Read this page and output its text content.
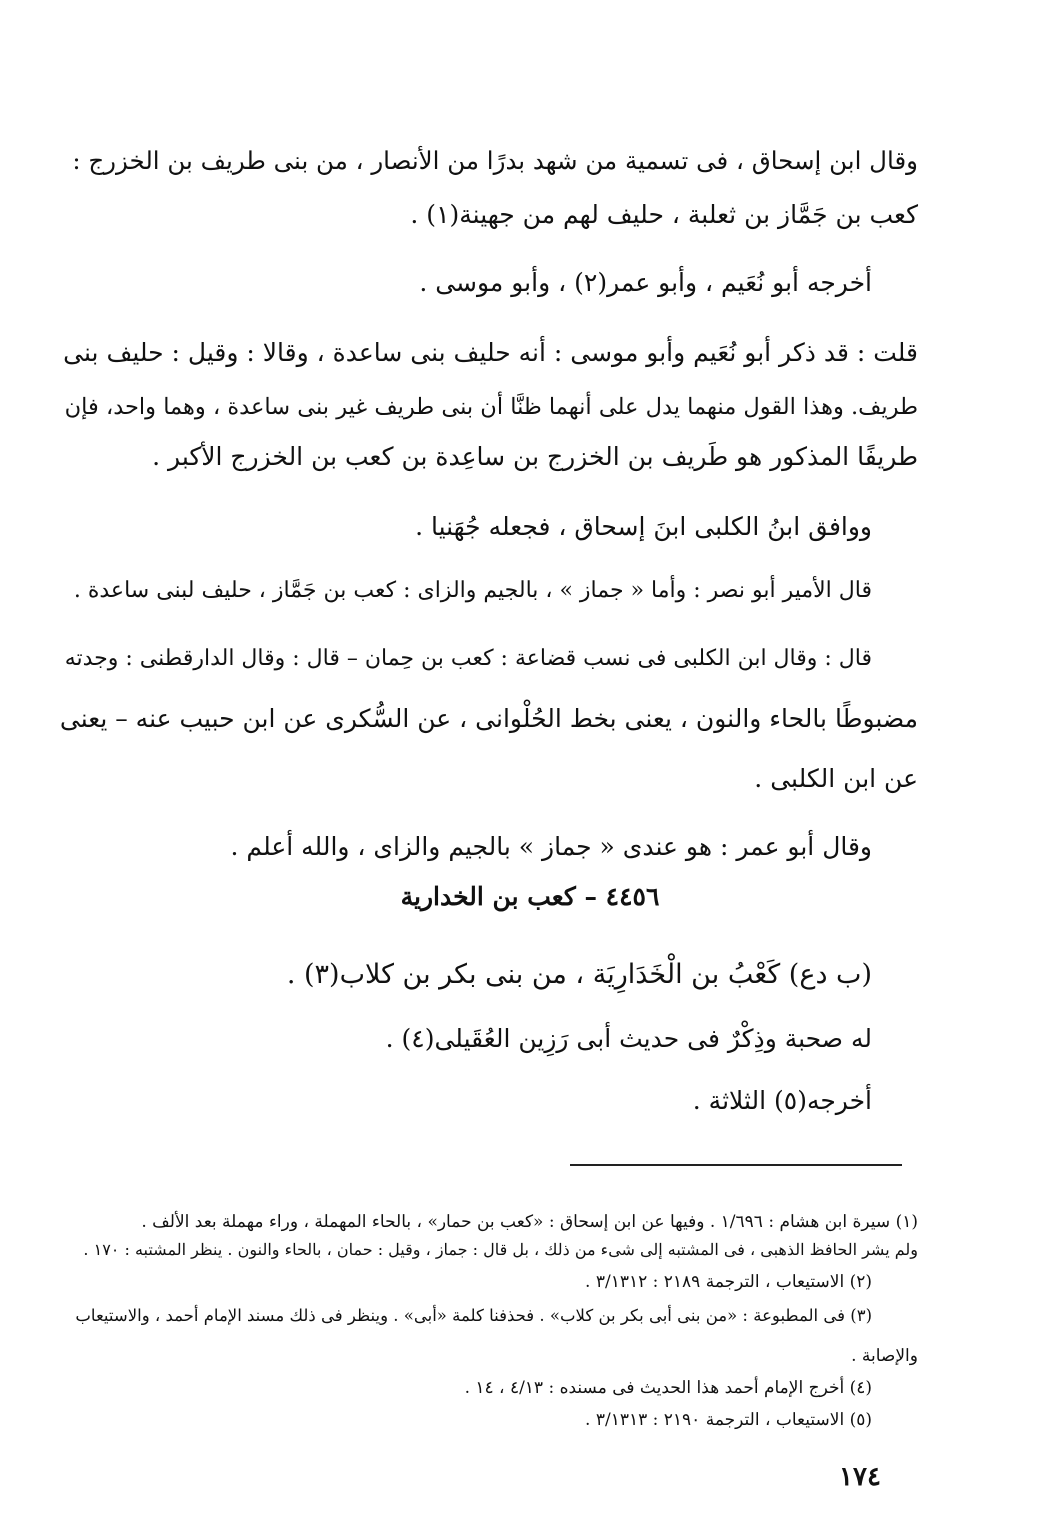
وقال ابن إسحاق ، فى تسمية من شهد بدرًا من الأنصار ، من بنى طريف بن الخزرج :
كعب بن جَمَّاز بن ثعلبة ، حليف لهم من جهينة(١) .
أخرجه أبو نُعَيم ، وأبو عمر(٢) ، وأبو موسى .
قلت : قد ذكر أبو نُعَيم وأبو موسى : أنه حليف بنى ساعدة ، وقالا : وقيل : حليف بنى
طريف. وهذا القول منهما يدل على أنهما ظنَّا أن بنى طريف غير بنى ساعدة ، وهما واحد، فإن
طريفًا المذكور هو طَريف بن الخزرج بن ساعِدة بن كعب بن الخزرج الأكبر .
ووافق ابنُ الكلبى ابنَ إسحاق ، فجعله جُهَنيا .
قال الأمير أبو نصر : وأما « جماز » ، بالجيم والزاى : كعب بن جَمَّاز ، حليف لبنى ساعدة .
قال : وقال ابن الكلبى فى نسب قضاعة : كعب بن حِمان – قال : وقال الدارقطنى : وجدته
مضبوطًا بالحاء والنون ، يعنى بخط الحُلْوانى ، عن السُّكرى عن ابن حبيب عنه – يعنى
عن ابن الكلبى .
وقال أبو عمر : هو عندى « جماز » بالجيم والزاى ، والله أعلم .
٤٤٥٦ – كعب بن الخدارية
(ب دع) كَعْبُ بن الْخَدَارِيَة ، من بنى بكر بن كلاب(٣) .
له صحبة وذِكْرٌ فى حديث أبى رَزِين العُقَيلى(٤) .
أخرجه(٥) الثلاثة .
(١) سيرة ابن هشام : ١/٦٩٦ . وفيها عن ابن إسحاق : «كعب بن حمار» ، بالحاء المهملة ، وراء مهملة بعد الألف .
ولم يشر الحافظ الذهبى ، فى المشتبه إلى شىء من ذلك ، بل قال : جماز ، وقيل : حمان ، بالحاء والنون . ينظر المشتبه : ١٧٠ .
(٢) الاستيعاب ، الترجمة ٢١٨٩ : ٣/١٣١٢ .
(٣) فى المطبوعة : «من بنى أبى بكر بن كلاب» . فحذفنا كلمة «أبى» . وينظر فى ذلك مسند الإمام أحمد ، والاستيعاب
والإصابة .
(٤) أخرج الإمام أحمد هذا الحديث فى مسنده : ٤/١٣ ، ١٤ .
(٥) الاستيعاب ، الترجمة ٢١٩٠ : ٣/١٣١٣ .
١٧٤
